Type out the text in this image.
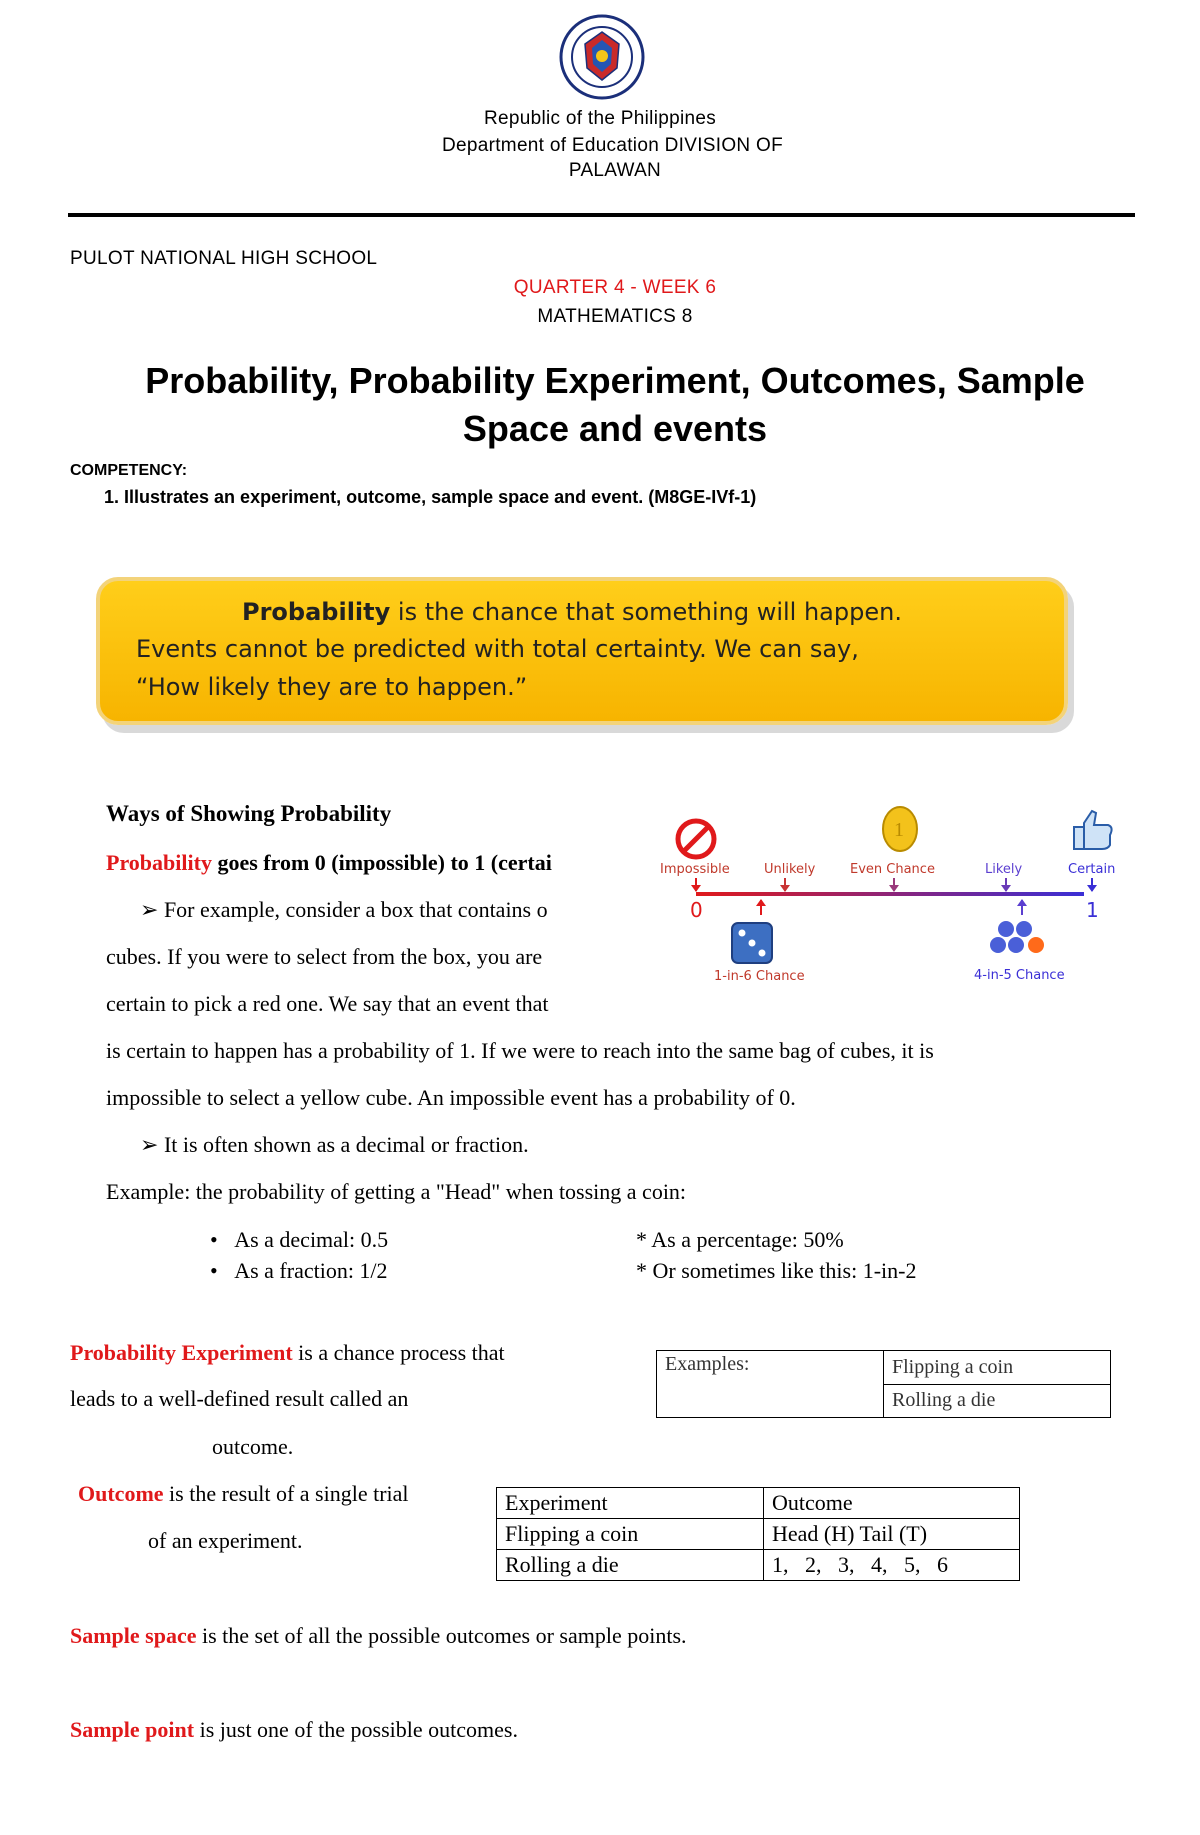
Republic of the Philippines
Department of Education DIVISION OF
PALAWAN
PULOT NATIONAL HIGH SCHOOL
QUARTER 4 - WEEK 6
MATHEMATICS 8
Probability, Probability Experiment, Outcomes, Sample
Space and events
COMPETENCY:
1. Illustrates an experiment, outcome, sample space and event. (M8GE-IVf-1)
Probability is the chance that something will happen.
Events cannot be predicted with total certainty. We can say,
“How likely they are to happen.”
Ways of Showing Probability
Probability goes from 0 (impossible) to 1 (certai
➢ For example, consider a box that contains o
cubes. If you were to select from the box, you are
certain to pick a red one. We say that an event that
is certain to happen has a probability of 1. If we were to reach into the same bag of cubes, it is
impossible to select a yellow cube. An impossible event has a probability of 0.
➢ It is often shown as a decimal or fraction.
Example: the probability of getting a "Head" when tossing a coin:
•   As a decimal: 0.5
•   As a fraction: 1/2
* As a percentage: 50%
* Or sometimes like this: 1-in-2
1
Impossible	Unlikely	Even Chance	Likely	Certain
0	1
1-in-6 Chance	4-in-5 Chance
Probability Experiment is a chance process that
leads to a well-defined result called an
outcome.
Examples:	Flipping a coin
Rolling a die
Outcome is the result of a single trial
of an experiment.
Experiment	Outcome
Flipping a coin	Head (H) Tail (T)
Rolling a die	1,   2,   3,   4,   5,   6
Sample space is the set of all the possible outcomes or sample points.
Sample point is just one of the possible outcomes.
